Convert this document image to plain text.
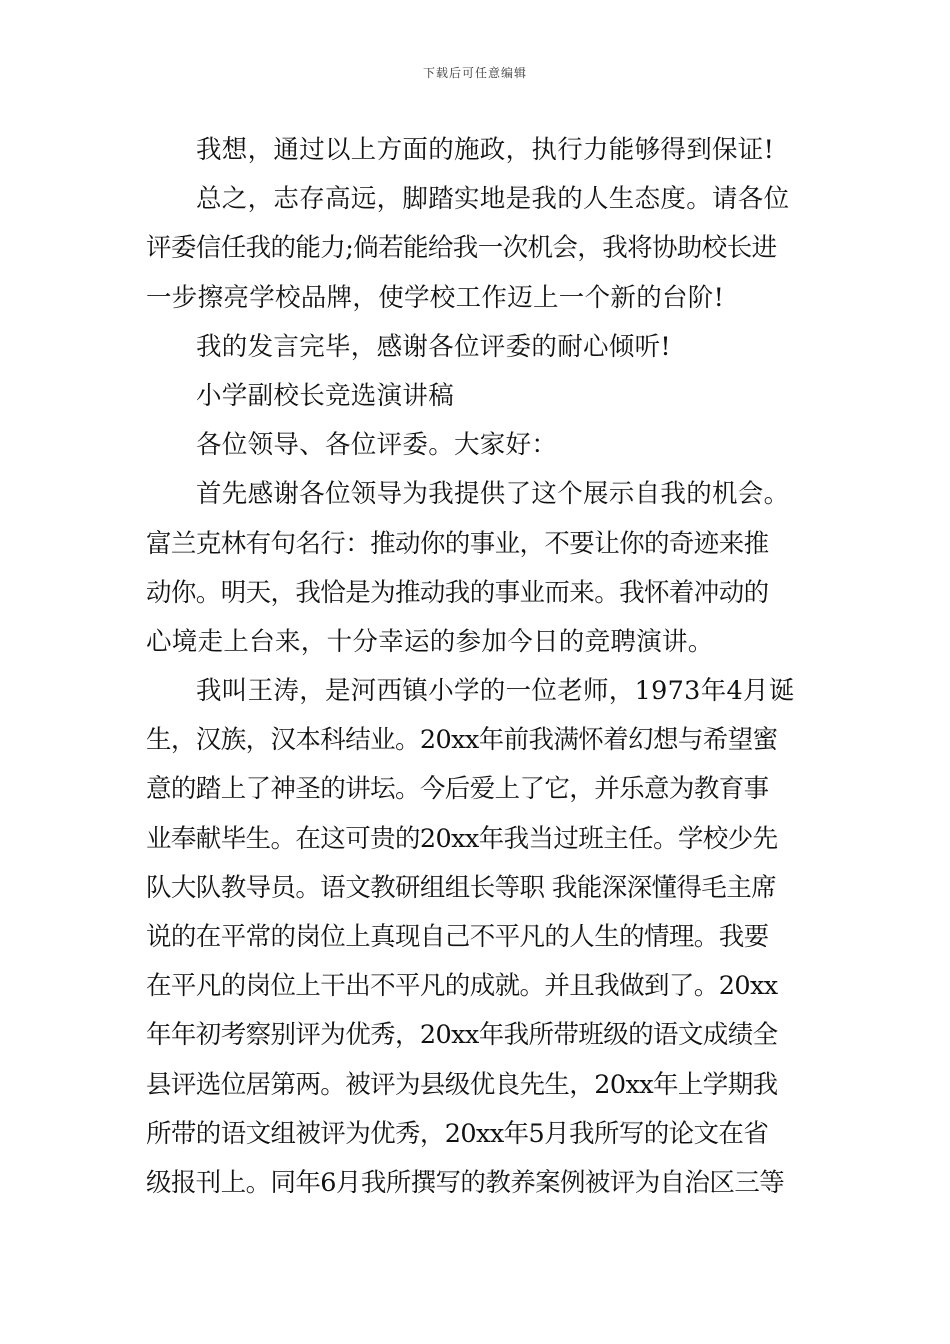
下载后可任意编辑
我想，通过以上方面的施政，执行力能够得到保证!
总之，志存高远，脚踏实地是我的人生态度。请各位
评委信任我的能力;倘若能给我一次机会，我将协助校长进
一步擦亮学校品牌，使学校工作迈上一个新的台阶!
我的发言完毕，感谢各位评委的耐心倾听!
小学副校长竞选演讲稿
各位领导、各位评委。大家好：
首先感谢各位领导为我提供了这个展示自我的机会。
富兰克林有句名行：推动你的事业，不要让你的奇迹来推
动你。明天，我恰是为推动我的事业而来。我怀着冲动的
心境走上台来，十分幸运的参加今日的竞聘演讲。
我叫王涛，是河西镇小学的一位老师，1973年4月诞
生，汉族，汉本科结业。20xx年前我满怀着幻想与希望蜜
意的踏上了神圣的讲坛。今后爱上了它，并乐意为教育事
业奉献毕生。在这可贵的20xx年我当过班主任。学校少先
队大队教导员。语文教研组组长等职 我能深深懂得毛主席
说的在平常的岗位上真现自己不平凡的人生的情理。我要
在平凡的岗位上干出不平凡的成就。并且我做到了。20xx
年年初考察别评为优秀，20xx年我所带班级的语文成绩全
县评选位居第两。被评为县级优良先生，20xx年上学期我
所带的语文组被评为优秀，20xx年5月我所写的论文在省
级报刊上。同年6月我所撰写的教养案例被评为自治区三等
